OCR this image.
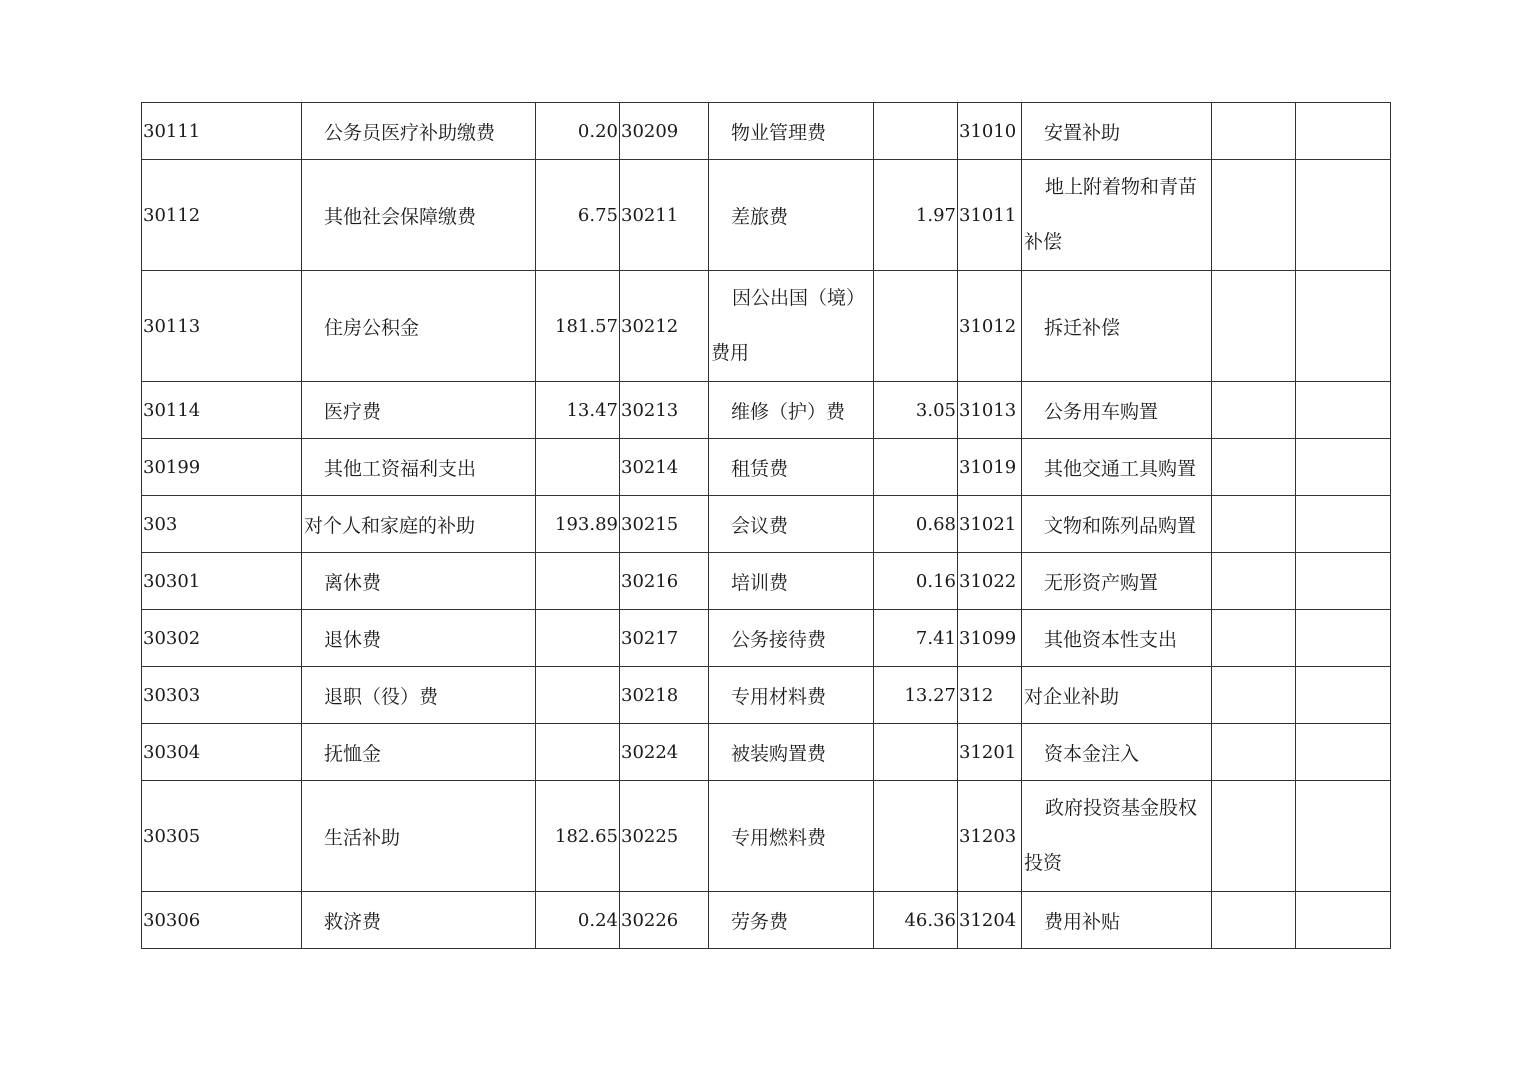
30111	公务员医疗补助缴费	0.20	30209	物业管理费		31010	安置补助		
30112	其他社会保障缴费	6.75	30211	差旅费	1.97	31011	地上附着物和青苗补偿		
30113	住房公积金	181.57	30212	因公出国（境）费用		31012	拆迁补偿		
30114	医疗费	13.47	30213	维修（护）费	3.05	31013	公务用车购置		
30199	其他工资福利支出		30214	租赁费		31019	其他交通工具购置		
303	对个人和家庭的补助	193.89	30215	会议费	0.68	31021	文物和陈列品购置		
30301	离休费		30216	培训费	0.16	31022	无形资产购置		
30302	退休费		30217	公务接待费	7.41	31099	其他资本性支出		
30303	退职（役）费		30218	专用材料费	13.27	312	对企业补助		
30304	抚恤金		30224	被装购置费		31201	资本金注入		
30305	生活补助	182.65	30225	专用燃料费		31203	政府投资基金股权投资		
30306	救济费	0.24	30226	劳务费	46.36	31204	费用补贴		
